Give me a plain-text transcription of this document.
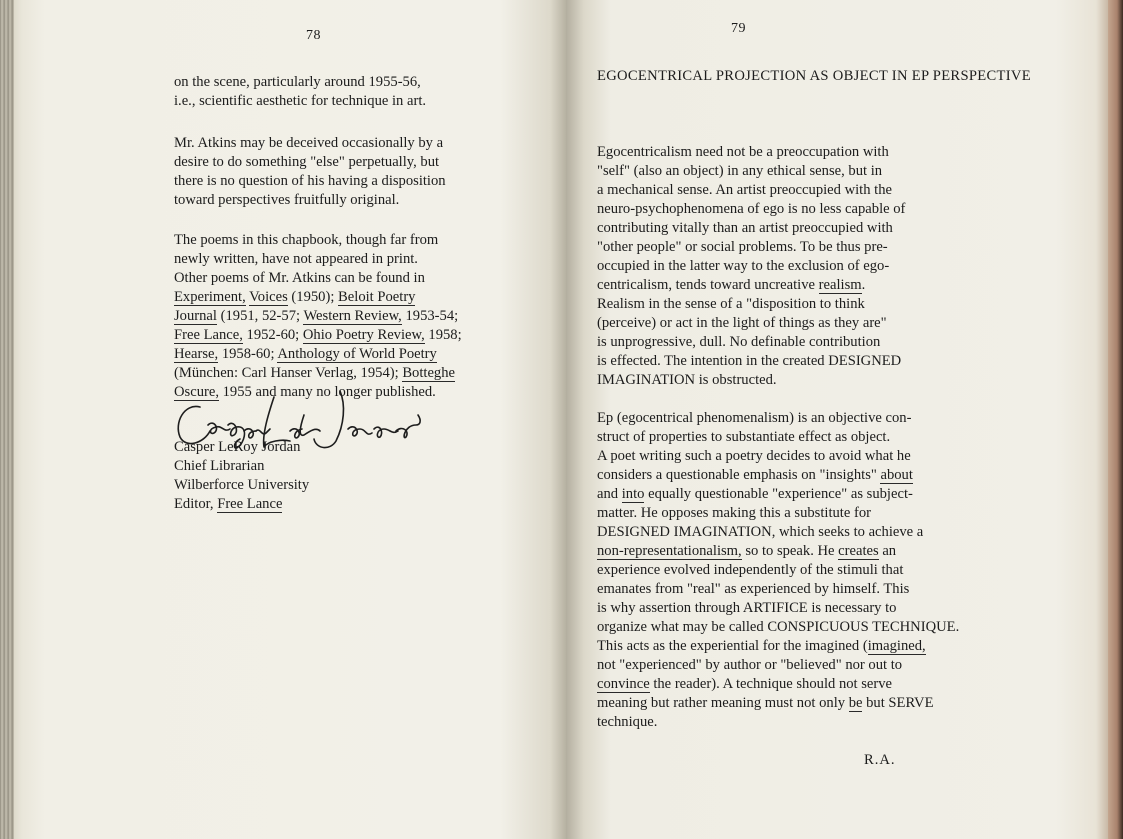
78

on the scene, particularly around 1955-56,

i.e., scientific aesthetic for technique in art.

Mr. Atkins may be deceived occasionally by a

desire to do something "else" perpetually, but

there is no question of his having a disposition

toward perspectives fruitfully original.

The poems in this chapbook, though far from

newly written, have not appeared in print.

Other poems of Mr. Atkins can be found in

Experiment, Voices (1950); Beloit Poetry

Journal (1951, 52-57; Western Review, 1953-54;

Free Lance, 1952-60; Ohio Poetry Review, 1958;

Hearse, 1958-60; Anthology of World Poetry

(München: Carl Hanser Verlag, 1954); Botteghe

Oscure, 1955 and many no longer published.

Casper LeRoy Jordan

Chief Librarian

Wilberforce University

Editor, Free Lance

79
EGOCENTRICAL PROJECTION AS OBJECT IN EP PERSPECTIVE

Egocentricalism need not be a preoccupation with

"self" (also an object) in any ethical sense, but in

a mechanical sense. An artist preoccupied with the

neuro-psychophenomena of ego is no less capable of

contributing vitally than an artist preoccupied with

"other people" or social problems. To be thus pre-

occupied in the latter way to the exclusion of ego-

centricalism, tends toward uncreative realism.

Realism in the sense of a "disposition to think

(perceive) or act in the light of things as they are"

is unprogressive, dull. No definable contribution

is effected. The intention in the created DESIGNED

IMAGINATION is obstructed.

Ep (egocentrical phenomenalism) is an objective con-

struct of properties to substantiate effect as object.

A poet writing such a poetry decides to avoid what he

considers a questionable emphasis on "insights" about

and into equally questionable "experience" as subject-

matter. He opposes making this a substitute for

DESIGNED IMAGINATION, which seeks to achieve a

non-representationalism, so to speak. He creates an

experience evolved independently of the stimuli that

emanates from "real" as experienced by himself. This

is why assertion through ARTIFICE is necessary to

organize what may be called CONSPICUOUS TECHNIQUE.

This acts as the experiential for the imagined (imagined,

not "experienced" by author or "believed" nor out to

convince the reader). A technique should not serve

meaning but rather meaning must not only be but SERVE

technique.

R.A.
